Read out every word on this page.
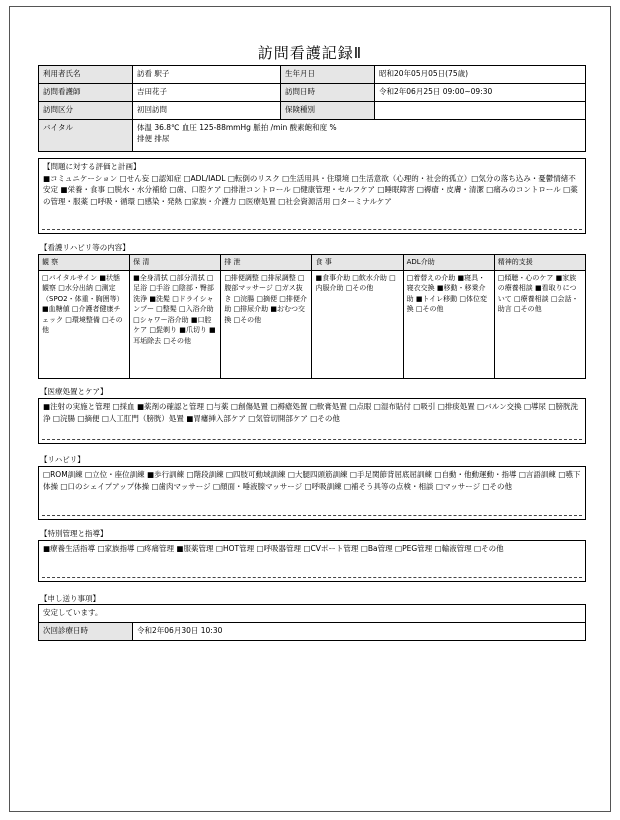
訪問看護記録Ⅱ
利用者氏名	訪看 駅子	生年月日	昭和20年05月05日(75歳)
訪問看護師	吉田花子	訪問日時	令和2年06月25日 09:00~09:30
訪問区分	初回訪問	保険種別	
バイタル	体温 36.8℃ 血圧 125-88mmHg 脈拍 /min 酸素飽和度 %
排便 排尿		
【問題に対する評価と計画】
■コミュニケーション □せん妄 □認知症 □ADL/IADL □転倒のリスク □生活用具・住環境 □生活意欲（心理的・社会的孤立）□気分の落ち込み・憂鬱情緒不安定 ■栄養・食事 □脱水・水分補給 □歯、口腔ケア □排泄コントロール □健康管理・セルフケア □睡眠障害 □褥瘡・皮膚・清潔 □痛みのコントロール □薬の管理・服薬 □呼吸・循環 □感染・発熱 □家族・介護力 □医療処置 □社会資源活用 □ターミナルケア
【看護リハビリ等の内容】
観 察	保 清	排 泄	食 事	ADL介助	精神的支援
□バイタルサイン ■状態観察 □水分出納 □測定（SPO2・体重・胸囲等）■血糖値 □介護者健康チェック □環境整備 □その他	■全身清拭 □部分清拭 □足浴 □手浴 □陰部・臀部洗浄 ■洗髪 □ドライシャンプー □整髪 □入浴介助 □シャワー浴介助 ■口腔ケア □髭剃り ■爪切り ■耳垢除去 □その他	□排便調整 □排尿調整 □腹部マッサージ □ガス抜き □浣腸 □摘便 □排便介助 □排尿介助 ■おむつ交換 □その他	■食事介助 □飲水介助 □内服介助 □その他	□着替えの介助 ■寝具・寝衣交換 ■移動・移乗介助 ■トイレ移動 □体位変換 □その他	□傾聴・心のケア ■家族の療養相談 ■看取りについて □療養相談 □会話・助言 □その他
【医療処置とケア】
■注射の実施と管理 □採血 ■薬剤の確認と管理 □与薬 □創傷処置 □褥瘡処置 □軟膏処置 □点眼 □湿布貼付 □吸引 □排痰処置 □バルン交換 □導尿 □膀胱洗浄 □浣腸 □摘便 □人工肛門（膀胱）処置 ■胃瘻挿入部ケア □気管切開部ケア □その他
【リハビリ】
□ROM訓練 □立位・座位訓練 ■歩行訓練 □階段訓練 □四肢可動域訓練 □大腿四頭筋訓練 □手足関節背屈底屈訓練 □自動・他動運動・指導 □言語訓練 □嚥下体操 □口のシェイプアップ体操 □歯肉マッサージ □顔面・唾液腺マッサージ □呼吸訓練 □補そう具等の点検・相談 □マッサージ □その他
【特別管理と指導】
■療養生活指導 □家族指導 □疼痛管理 ■服薬管理 □HOT管理 □呼吸器管理 □CVポート管理 □Ba管理 □PEG管理 □輸液管理 □その他
【申し送り事項】
安定しています。
次回診療日時	令和2年06月30日 10:30
